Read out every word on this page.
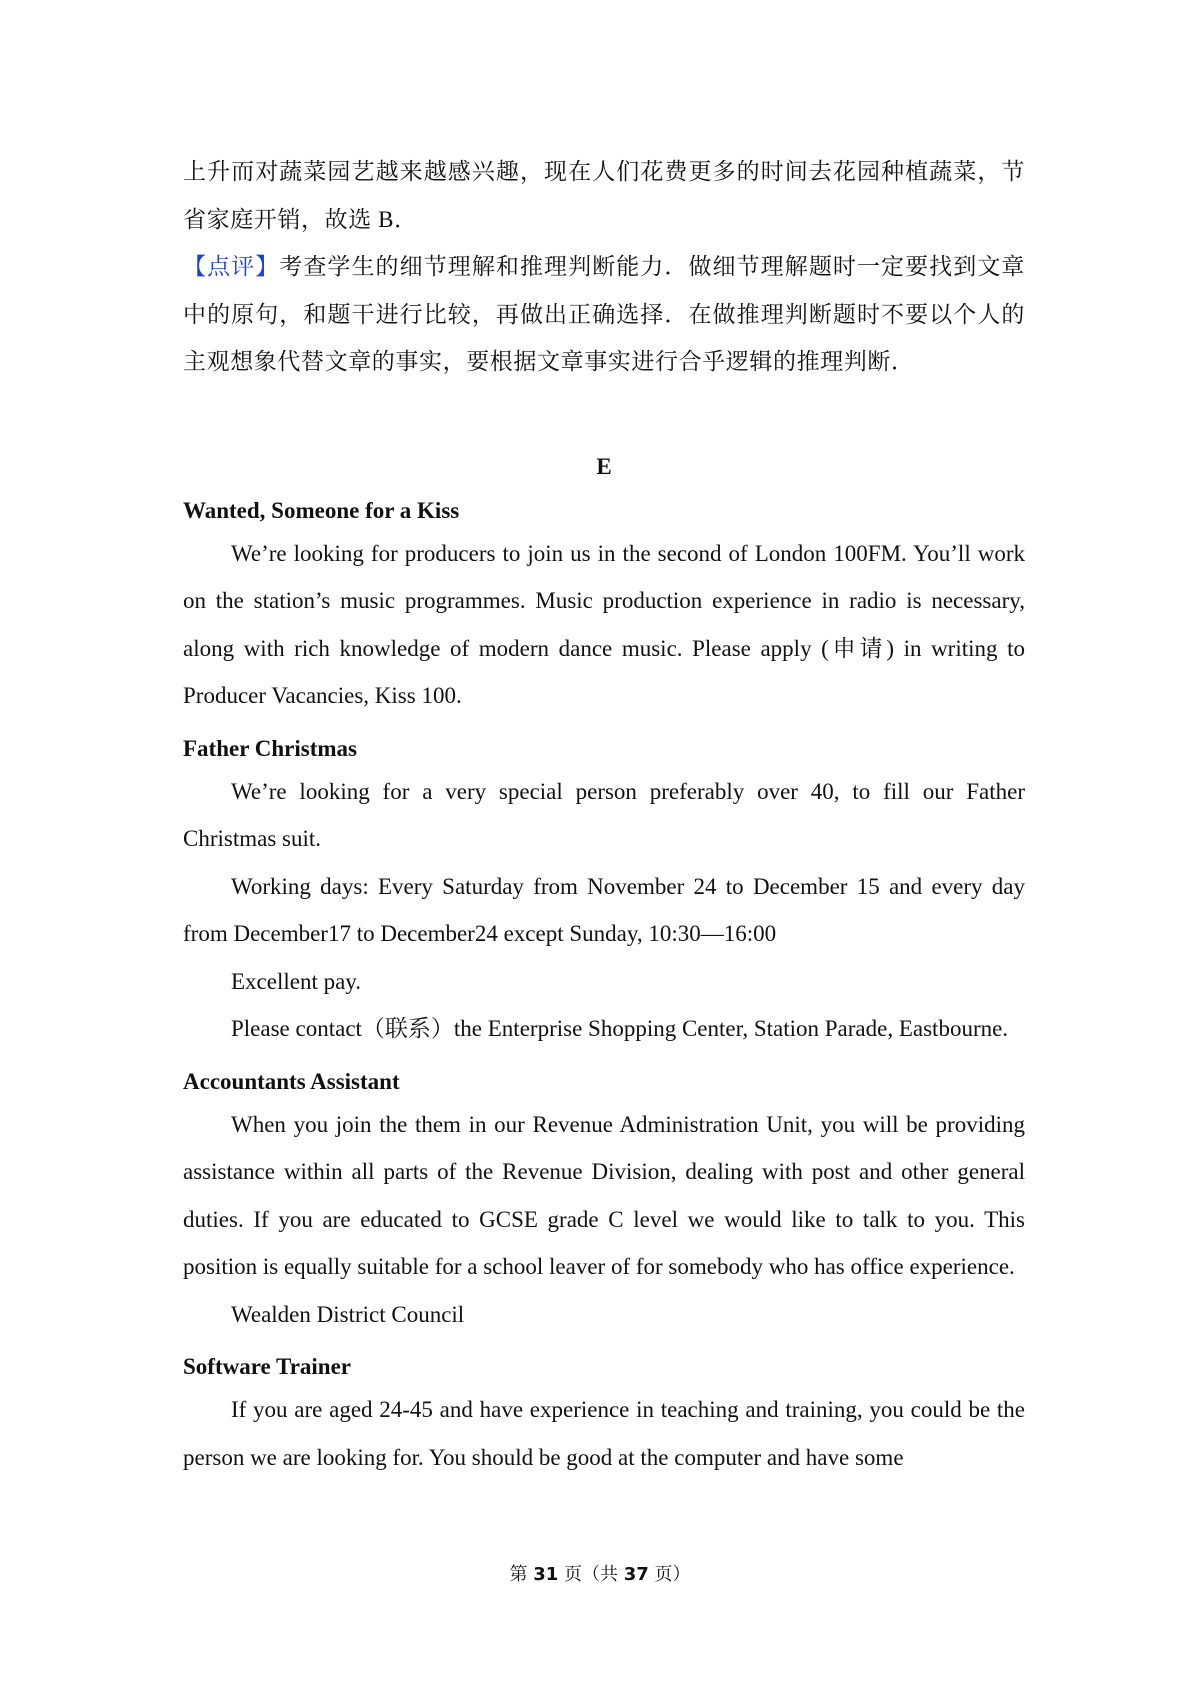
上升而对蔬菜园艺越来越感兴趣，现在人们花费更多的时间去花园种植蔬菜，节省家庭开销，故选 B．

【点评】考查学生的细节理解和推理判断能力．做细节理解题时一定要找到文章中的原句，和题干进行比较，再做出正确选择．在做推理判断题时不要以个人的主观想象代替文章的事实，要根据文章事实进行合乎逻辑的推理判断．

E
Wanted, Someone for a Kiss

We’re looking for producers to join us in the second of London 100FM. You’ll work on the station’s music programmes. Music production experience in radio is necessary, along with rich knowledge of modern dance music. Please apply (申请) in writing to Producer Vacancies, Kiss 100.

Father Christmas

We’re looking for a very special person preferably over 40, to fill our Father Christmas suit.

Working days: Every Saturday from November 24 to December 15 and every day from December17 to December24 except Sunday, 10:30—16:00

Excellent pay.

Please contact（联系）the Enterprise Shopping Center, Station Parade, Eastbourne.

Accountants Assistant

When you join the them in our Revenue Administration Unit, you will be providing assistance within all parts of the Revenue Division, dealing with post and other general duties. If you are educated to GCSE grade C level we would like to talk to you. This position is equally suitable for a school leaver of for somebody who has office experience.

Wealden District Council

Software Trainer

If you are aged 24-45 and have experience in teaching and training, you could be the person we are looking for. You should be good at the computer and have some

第 31 页（共 37 页）
